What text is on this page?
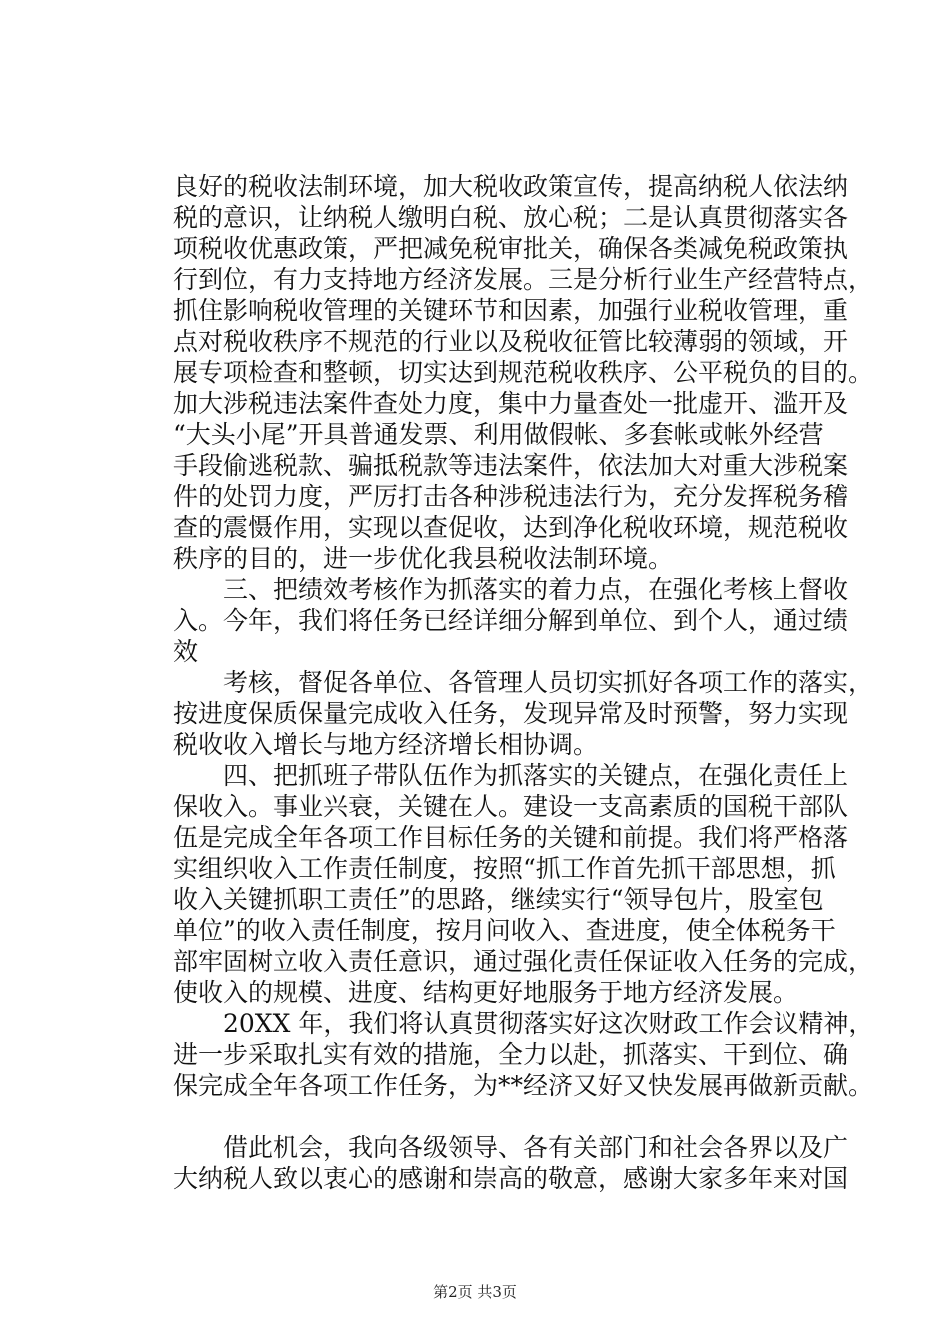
良好的税收法制环境，加大税收政策宣传，提高纳税人依法纳
税的意识，让纳税人缴明白税、放心税；二是认真贯彻落实各
项税收优惠政策，严把减免税审批关，确保各类减免税政策执
行到位，有力支持地方经济发展。三是分析行业生产经营特点，
抓住影响税收管理的关键环节和因素，加强行业税收管理，重
点对税收秩序不规范的行业以及税收征管比较薄弱的领域，开
展专项检查和整顿，切实达到规范税收秩序、公平税负的目的。
加大涉税违法案件查处力度，集中力量查处一批虚开、滥开及
“大头小尾”开具普通发票、利用做假帐、多套帐或帐外经营
手段偷逃税款、骗抵税款等违法案件，依法加大对重大涉税案
件的处罚力度，严厉打击各种涉税违法行为，充分发挥税务稽
查的震慑作用，实现以查促收，达到净化税收环境，规范税收
秩序的目的，进一步优化我县税收法制环境。
　　三、把绩效考核作为抓落实的着力点，在强化考核上督收
入。今年，我们将任务已经详细分解到单位、到个人，通过绩
效
　　考核，督促各单位、各管理人员切实抓好各项工作的落实，
按进度保质保量完成收入任务，发现异常及时预警，努力实现
税收收入增长与地方经济增长相协调。
　　四、把抓班子带队伍作为抓落实的关键点，在强化责任上
保收入。事业兴衰，关键在人。建设一支高素质的国税干部队
伍是完成全年各项工作目标任务的关键和前提。我们将严格落
实组织收入工作责任制度，按照“抓工作首先抓干部思想，抓
收入关键抓职工责任”的思路，继续实行“领导包片，股室包
单位”的收入责任制度，按月问收入、查进度，使全体税务干
部牢固树立收入责任意识，通过强化责任保证收入任务的完成，
使收入的规模、进度、结构更好地服务于地方经济发展。
　　20XX 年，我们将认真贯彻落实好这次财政工作会议精神，
进一步采取扎实有效的措施，全力以赴，抓落实、干到位、确
保完成全年各项工作任务，为**经济又好又快发展再做新贡献。
　　借此机会，我向各级领导、各有关部门和社会各界以及广
大纳税人致以衷心的感谢和崇高的敬意，感谢大家多年来对国
第2页 共3页
